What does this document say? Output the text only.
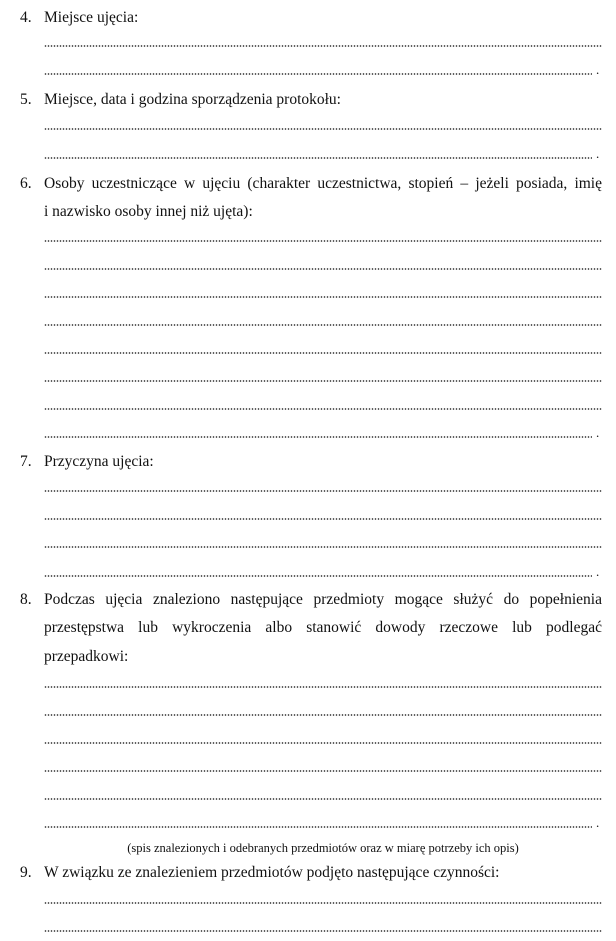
4. Miejsce ujęcia:
.
5. Miejsce, data i godzina sporządzenia protokołu:
.
6. Osoby uczestniczące w ujęciu (charakter uczestnictwa, stopień – jeżeli posiada, imię
i nazwisko osoby innej niż ujęta):
.
7. Przyczyna ujęcia:
.
8. Podczas ujęcia znaleziono następujące przedmioty mogące służyć do popełnienia
przestępstwa lub wykroczenia albo stanowić dowody rzeczowe lub podlegać
przepadkowi:
.
(spis znalezionych i odebranych przedmiotów oraz w miarę potrzeby ich opis)
9. W związku ze znalezieniem przedmiotów podjęto następujące czynności:
